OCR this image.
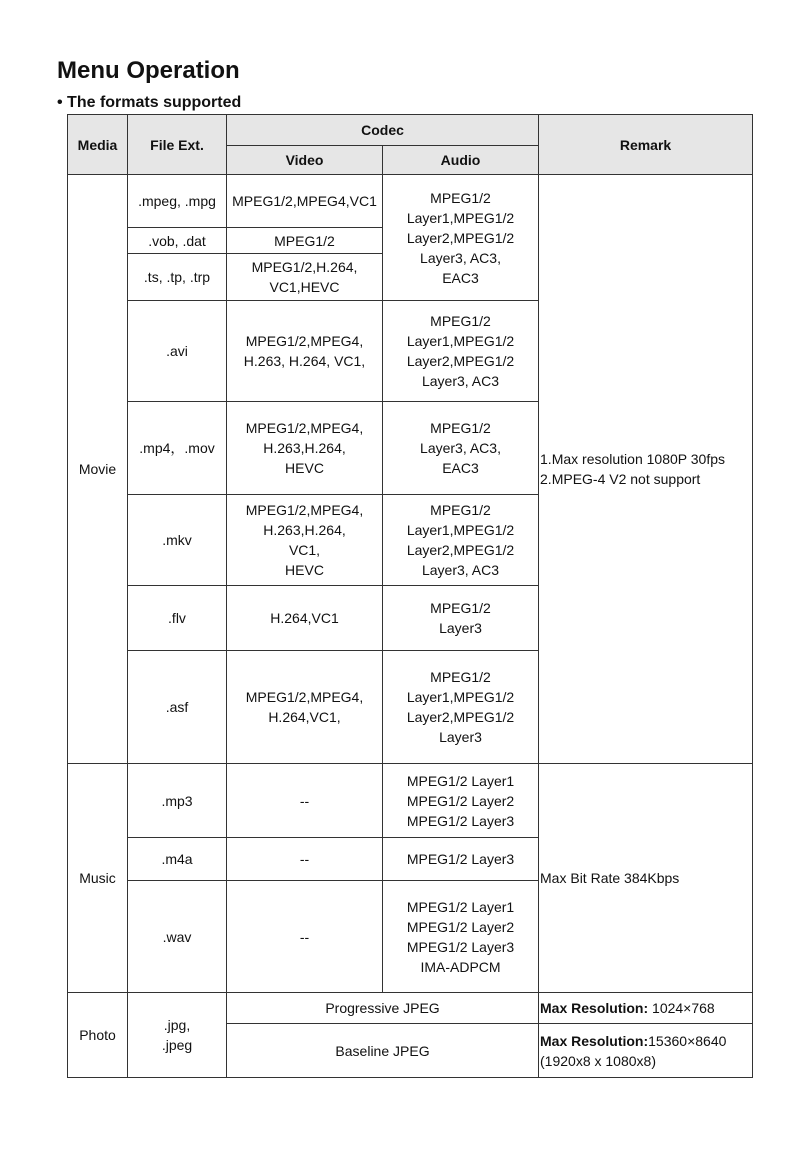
Menu Operation

• The formats supported

Media	File Ext.	Codec		Remark
		Video	Audio	
Movie	.mpeg, .mpg	MPEG1/2,MPEG4,VC1	MPEG1/2
Layer1,MPEG1/2
Layer2,MPEG1/2
Layer3, AC3,
EAC3	1.Max resolution 1080P 30fps
2.MPEG-4 V2 not support
	.vob, .dat	MPEG1/2		
	.ts, .tp, .trp	MPEG1/2,H.264,
VC1,HEVC		
	.avi	MPEG1/2,MPEG4,
H.263, H.264, VC1,	MPEG1/2
Layer1,MPEG1/2
Layer2,MPEG1/2
Layer3, AC3	
	.mp4，.mov	MPEG1/2,MPEG4,
H.263,H.264,
HEVC	MPEG1/2
Layer3, AC3,
EAC3	
	.mkv	MPEG1/2,MPEG4,
H.263,H.264,
VC1,
HEVC	MPEG1/2
Layer1,MPEG1/2
Layer2,MPEG1/2
Layer3, AC3	
	.flv	H.264,VC1	MPEG1/2
Layer3	
	.asf	MPEG1/2,MPEG4,
H.264,VC1,	MPEG1/2
Layer1,MPEG1/2
Layer2,MPEG1/2
Layer3	
Music	.mp3	--	MPEG1/2 Layer1
MPEG1/2 Layer2
MPEG1/2 Layer3	Max Bit Rate 384Kbps
	.m4a	--	MPEG1/2 Layer3	
	.wav	--	MPEG1/2 Layer1
MPEG1/2 Layer2
MPEG1/2 Layer3
IMA-ADPCM	
Photo	.jpg,
.jpeg	Progressive JPEG		Max Resolution: 1024×768
		Baseline JPEG		Max Resolution:15360×8640
(1920x8 x 1080x8)
